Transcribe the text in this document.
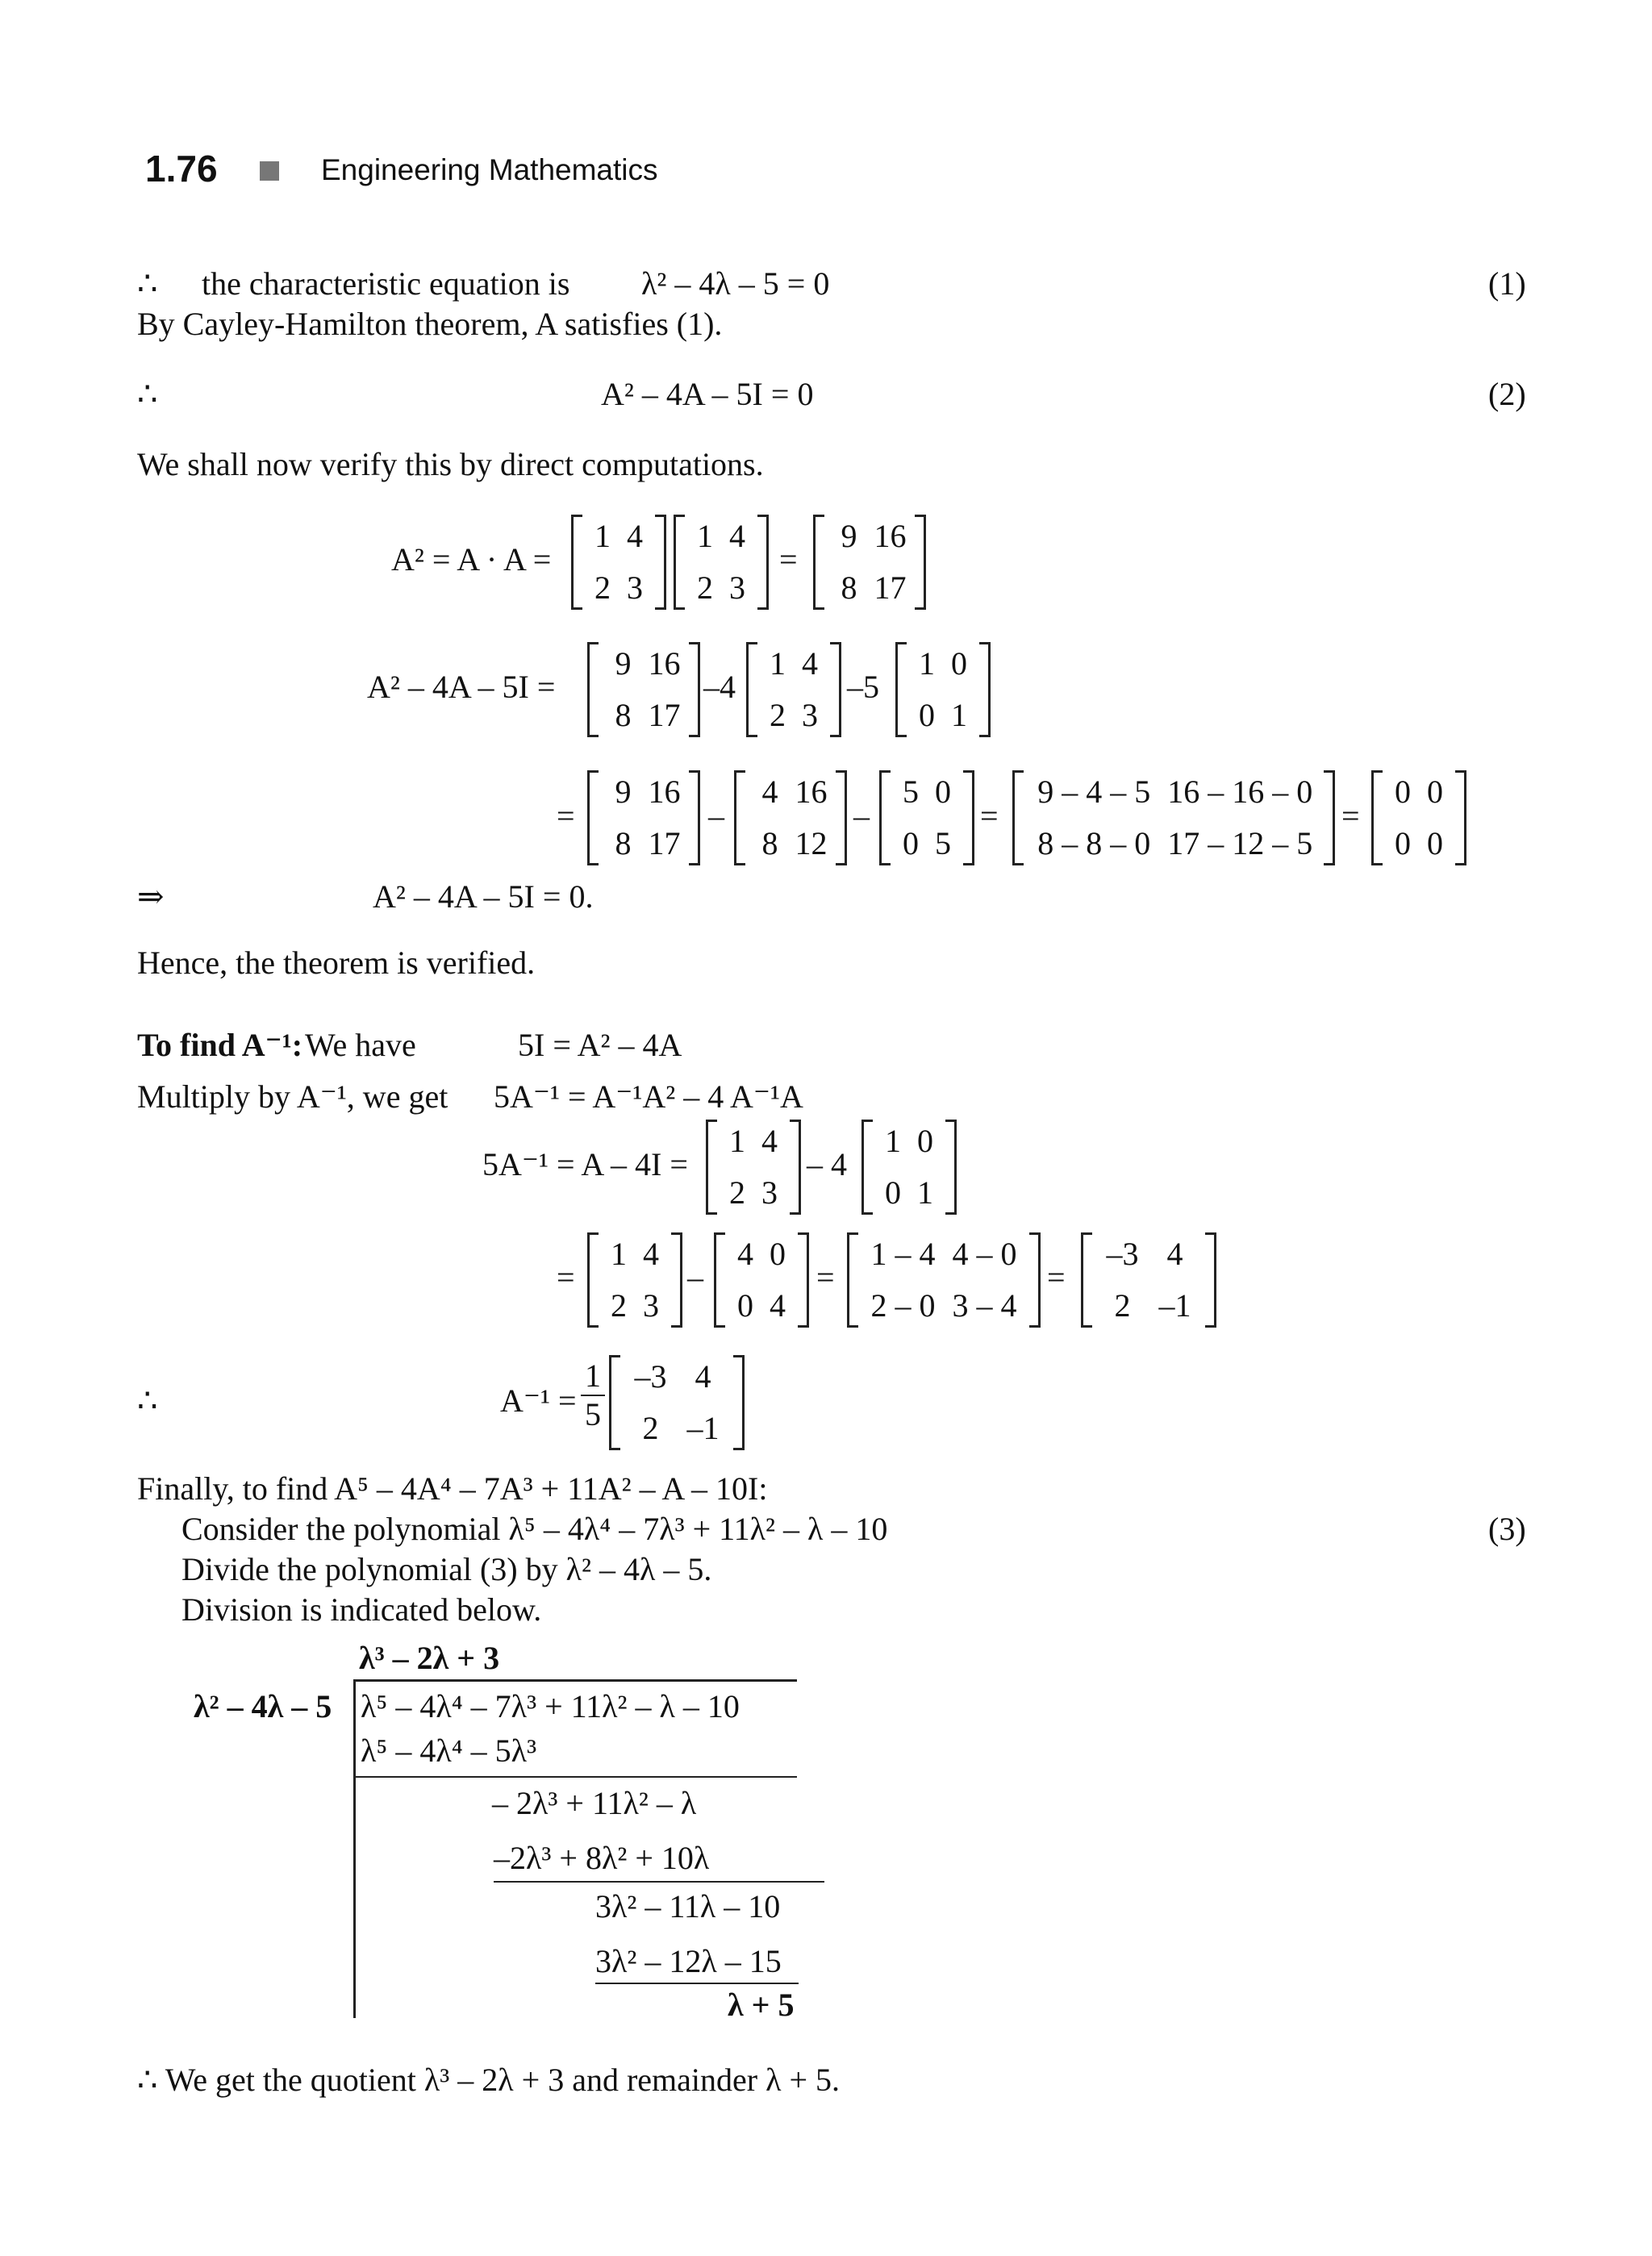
1.76	Engineering Mathematics
∴ the characteristic equation is λ² – 4λ – 5 = 0	(1)
By Cayley-Hamilton theorem, A satisfies (1).
∴	A² – 4A – 5I = 0	(2)
We shall now verify this by direct computations.
A² = A · A =
1 4
2 3
1 4
2 3
=
9 16
8 17
A² – 4A – 5I =
9 16
8 17
–4
1 4
2 3
–5
1 0
0 1
=
9 16
8 17
–
4 16
8 12
–
5 0
0 5
=
9 – 4 – 5 16 – 16 – 0
8 – 8 – 0 17 – 12 – 5
=
0 0
0 0
⇒	A² – 4A – 5I = 0.
Hence, the theorem is verified.
To find A⁻¹: We have	5I = A² – 4A
Multiply by A⁻¹, we get 5A⁻¹ = A⁻¹A² – 4 A⁻¹A
5A⁻¹ = A – 4I =
1 4
2 3
– 4
1 0
0 1
=
1 4
2 3
–
4 0
0 4
=
1 – 4 4 – 0
2 – 0 3 – 4
=
–3 4
2 –1
∴	A⁻¹ =
1
5
–3 4
2 –1
Finally, to find A⁵ – 4A⁴ – 7A³ + 11A² – A – 10I:
Consider the polynomial λ⁵ – 4λ⁴ – 7λ³ + 11λ² – λ – 10	(3)
Divide the polynomial (3) by λ² – 4λ – 5.
Division is indicated below.
λ³ – 2λ + 3
λ² – 4λ – 5 λ⁵ – 4λ⁴ – 7λ³ + 11λ² – λ – 10
λ⁵ – 4λ⁴ – 5λ³
– 2λ³ + 11λ² – λ
–2λ³ + 8λ² + 10λ
3λ² – 11λ – 10
3λ² – 12λ – 15
λ + 5
∴ We get the quotient λ³ – 2λ + 3 and remainder λ + 5.
